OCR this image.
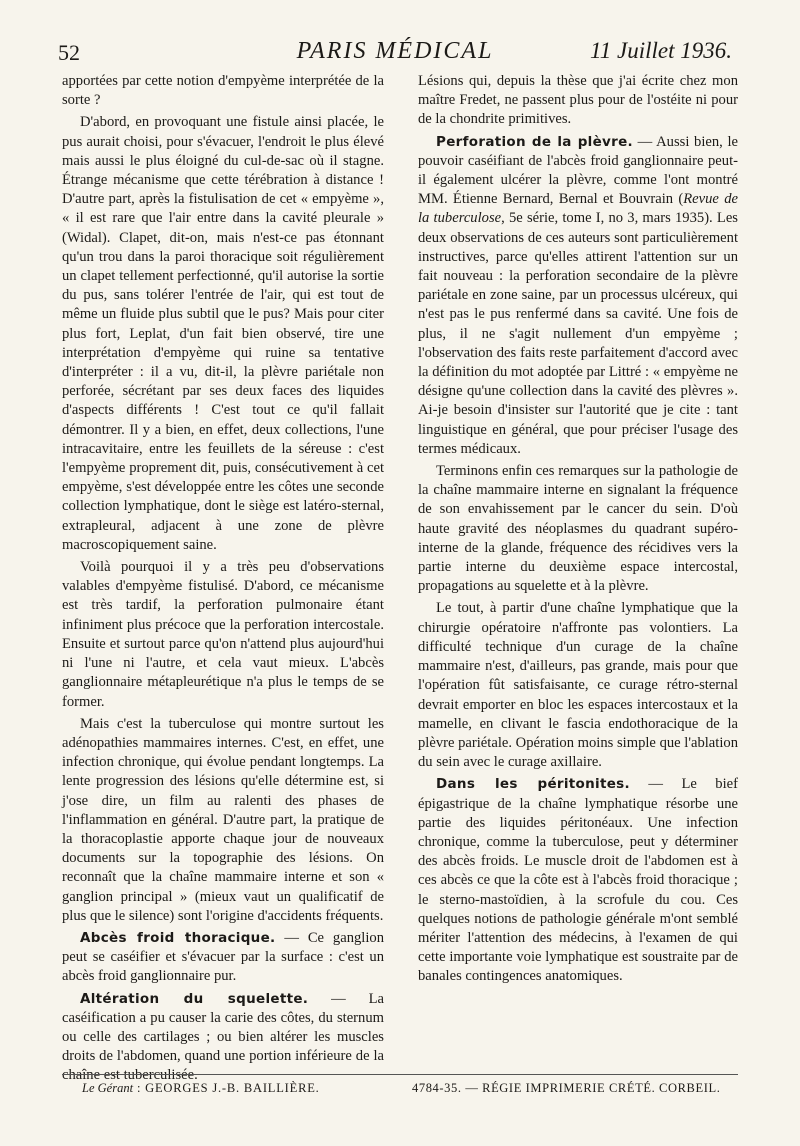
52	PARIS MÉDICAL	11 Juillet 1936.

apportées par cette notion d'empyème interprétée de la sorte ?

D'abord, en provoquant une fistule ainsi placée, le pus aurait choisi, pour s'évacuer, l'endroit le plus élevé mais aussi le plus éloigné du cul-de-sac où il stagne. Étrange mécanisme que cette térébration à distance ! D'autre part, après la fistulisation de cet « empyème », « il est rare que l'air entre dans la cavité pleurale » (Widal). Clapet, dit-on, mais n'est-ce pas étonnant qu'un trou dans la paroi thoracique soit régulièrement un clapet tellement perfectionné, qu'il autorise la sortie du pus, sans tolérer l'entrée de l'air, qui est tout de même un fluide plus subtil que le pus? Mais pour citer plus fort, Leplat, d'un fait bien observé, tire une interprétation d'empyème qui ruine sa tentative d'interpréter : il a vu, dit-il, la plèvre pariétale non perforée, sécrétant par ses deux faces des liquides d'aspects différents ! C'est tout ce qu'il fallait démontrer. Il y a bien, en effet, deux collections, l'une intracavitaire, entre les feuillets de la séreuse : c'est l'empyème proprement dit, puis, consécutivement à cet empyème, s'est développée entre les côtes une seconde collection lymphatique, dont le siège est latéro-sternal, extrapleural, adjacent à une zone de plèvre macroscopiquement saine.

Voilà pourquoi il y a très peu d'observations valables d'empyème fistulisé. D'abord, ce mécanisme est très tardif, la perforation pulmonaire étant infiniment plus précoce que la perforation intercostale. Ensuite et surtout parce qu'on n'attend plus aujourd'hui ni l'une ni l'autre, et cela vaut mieux. L'abcès ganglionnaire métapleurétique n'a plus le temps de se former.

Mais c'est la tuberculose qui montre surtout les adénopathies mammaires internes. C'est, en effet, une infection chronique, qui évolue pendant longtemps. La lente progression des lésions qu'elle détermine est, si j'ose dire, un film au ralenti des phases de l'inflammation en général. D'autre part, la pratique de la thoracoplastie apporte chaque jour de nouveaux documents sur la topographie des lésions. On reconnaît que la chaîne mammaire interne et son « ganglion principal » (mieux vaut un qualificatif de plus que le silence) sont l'origine d'accidents fréquents.

Abcès froid thoracique. — Ce ganglion peut se caséifier et s'évacuer par la surface : c'est un abcès froid ganglionnaire pur.

Altération du squelette. — La caséification a pu causer la carie des côtes, du sternum ou celle des cartilages ; ou bien altérer les muscles droits de l'abdomen, quand une portion inférieure de la chaîne est tuberculisée.

Lésions qui, depuis la thèse que j'ai écrite chez mon maître Fredet, ne passent plus pour de l'ostéite ni pour de la chondrite primitives.

Perforation de la plèvre. — Aussi bien, le pouvoir caséifiant de l'abcès froid ganglionnaire peut-il également ulcérer la plèvre, comme l'ont montré MM. Étienne Bernard, Bernal et Bouvrain (Revue de la tuberculose, 5e série, tome I, no 3, mars 1935). Les deux observations de ces auteurs sont particulièrement instructives, parce qu'elles attirent l'attention sur un fait nouveau : la perforation secondaire de la plèvre pariétale en zone saine, par un processus ulcéreux, qui n'est pas le pus renfermé dans sa cavité. Une fois de plus, il ne s'agit nullement d'un empyème ; l'observation des faits reste parfaitement d'accord avec la définition du mot adoptée par Littré : « empyème ne désigne qu'une collection dans la cavité des plèvres ». Ai-je besoin d'insister sur l'autorité que je cite : tant linguistique en général, que pour préciser l'usage des termes médicaux.

Terminons enfin ces remarques sur la pathologie de la chaîne mammaire interne en signalant la fréquence de son envahissement par le cancer du sein. D'où haute gravité des néoplasmes du quadrant supéro-interne de la glande, fréquence des récidives vers la partie interne du deuxième espace intercostal, propagations au squelette et à la plèvre.

Le tout, à partir d'une chaîne lymphatique que la chirurgie opératoire n'affronte pas volontiers. La difficulté technique d'un curage de la chaîne mammaire n'est, d'ailleurs, pas grande, mais pour que l'opération fût satisfaisante, ce curage rétro-sternal devrait emporter en bloc les espaces intercostaux et la mamelle, en clivant le fascia endothoracique de la plèvre pariétale. Opération moins simple que l'ablation du sein avec le curage axillaire.

Dans les péritonites. — Le bief épigastrique de la chaîne lymphatique résorbe une partie des liquides péritonéaux. Une infection chronique, comme la tuberculose, peut y déterminer des abcès froids. Le muscle droit de l'abdomen est à ces abcès ce que la côte est à l'abcès froid thoracique ; le sterno-mastoïdien, à la scrofule du cou. Ces quelques notions de pathologie générale m'ont semblé mériter l'attention des médecins, à l'examen de qui cette importante voie lymphatique est soustraite par de banales contingences anatomiques.

Le Gérant : GEORGES J.-B. BAILLIÈRE.	4784-35. — RÉGIE IMPRIMERIE CRÉTÉ. CORBEIL.
